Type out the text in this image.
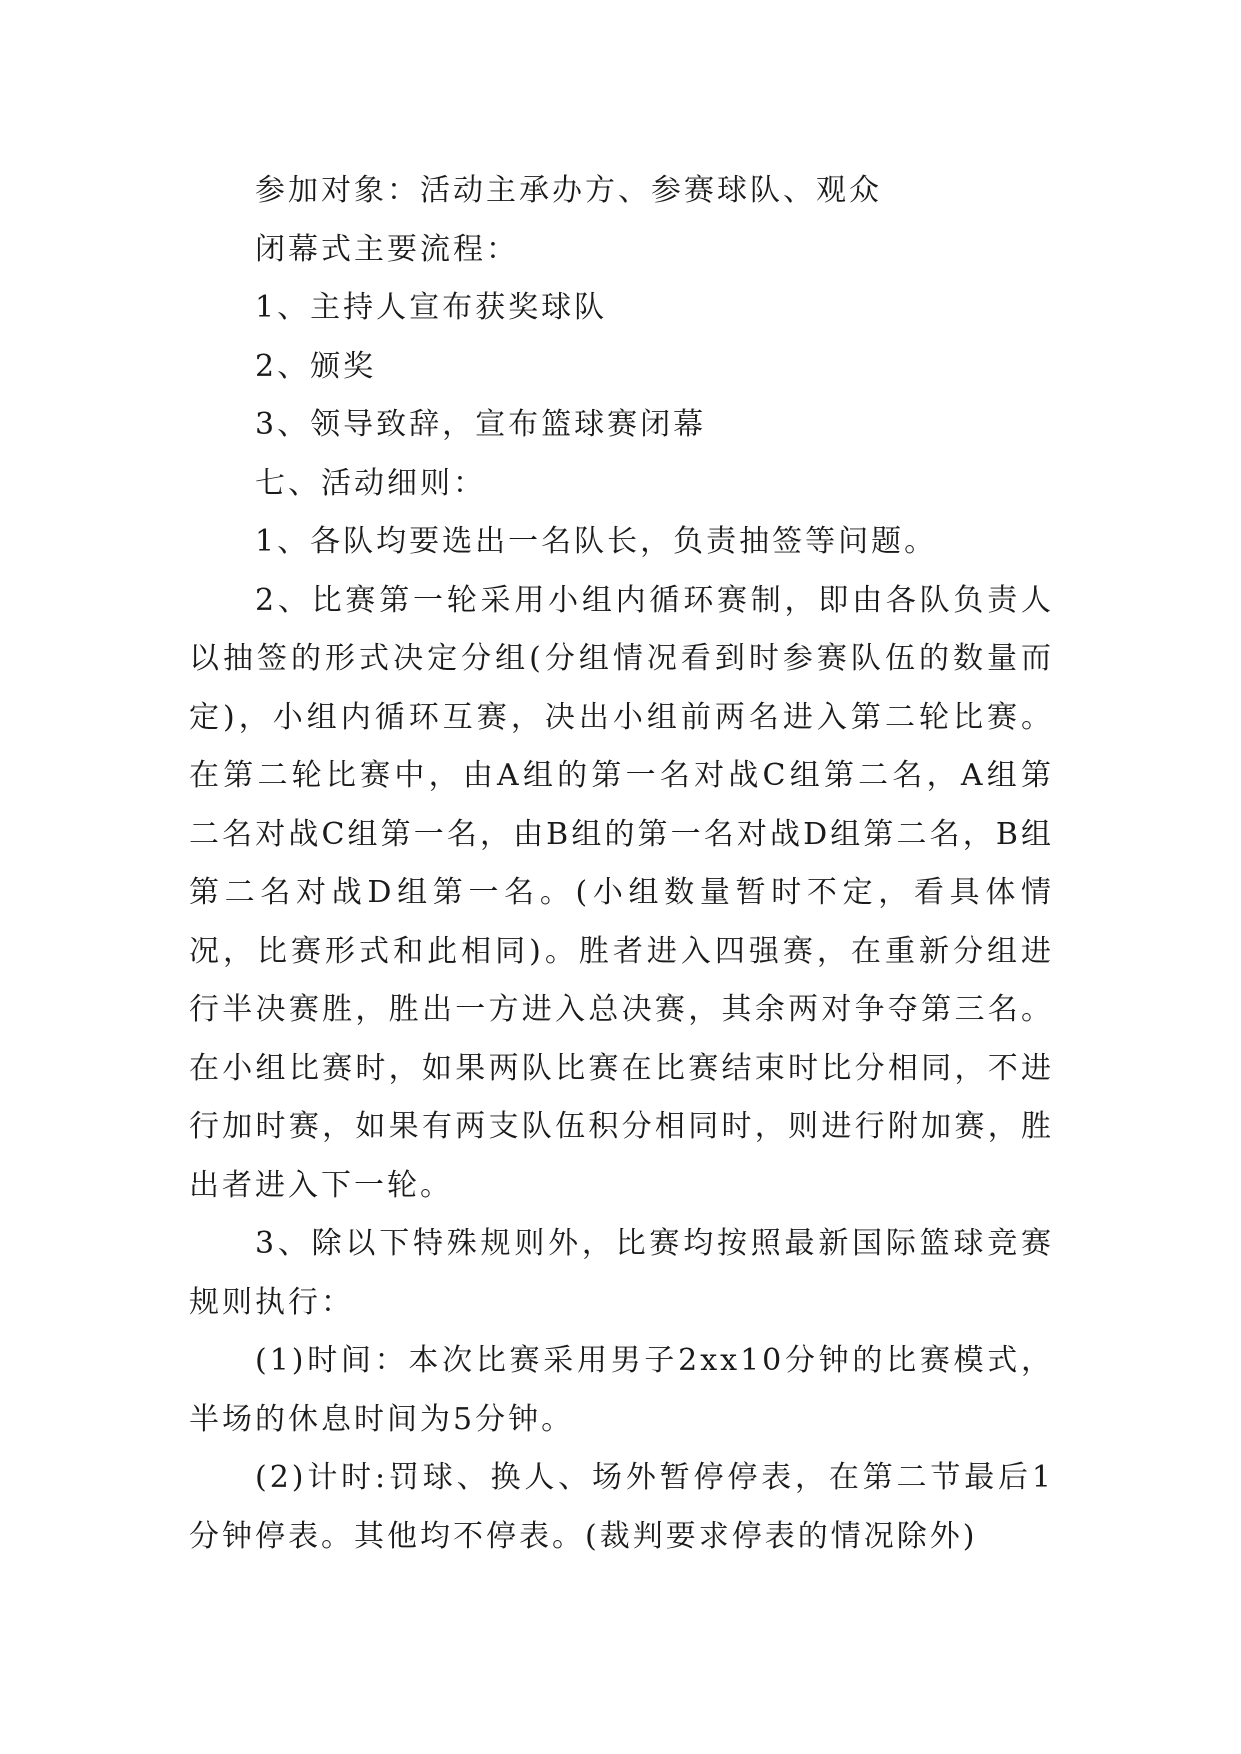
参加对象：活动主承办方、参赛球队、观众

闭幕式主要流程：

1、主持人宣布获奖球队

2、颁奖

3、领导致辞，宣布篮球赛闭幕

七、活动细则：

1、各队均要选出一名队长，负责抽签等问题。

2、比赛第一轮采用小组内循环赛制，即由各队负责人以抽签的形式决定分组(分组情况看到时参赛队伍的数量而定)，小组内循环互赛，决出小组前两名进入第二轮比赛。在第二轮比赛中，由A组的第一名对战C组第二名，A组第二名对战C组第一名，由B组的第一名对战D组第二名，B组第二名对战D组第一名。(小组数量暂时不定，看具体情况，比赛形式和此相同)。胜者进入四强赛，在重新分组进行半决赛胜，胜出一方进入总决赛，其余两对争夺第三名。在小组比赛时，如果两队比赛在比赛结束时比分相同，不进行加时赛，如果有两支队伍积分相同时，则进行附加赛，胜出者进入下一轮。

3、除以下特殊规则外，比赛均按照最新国际篮球竞赛规则执行：

(1)时间：本次比赛采用男子2xx10分钟的比赛模式，半场的休息时间为5分钟。

(2)计时:罚球、换人、场外暂停停表，在第二节最后1分钟停表。其他均不停表。(裁判要求停表的情况除外)
